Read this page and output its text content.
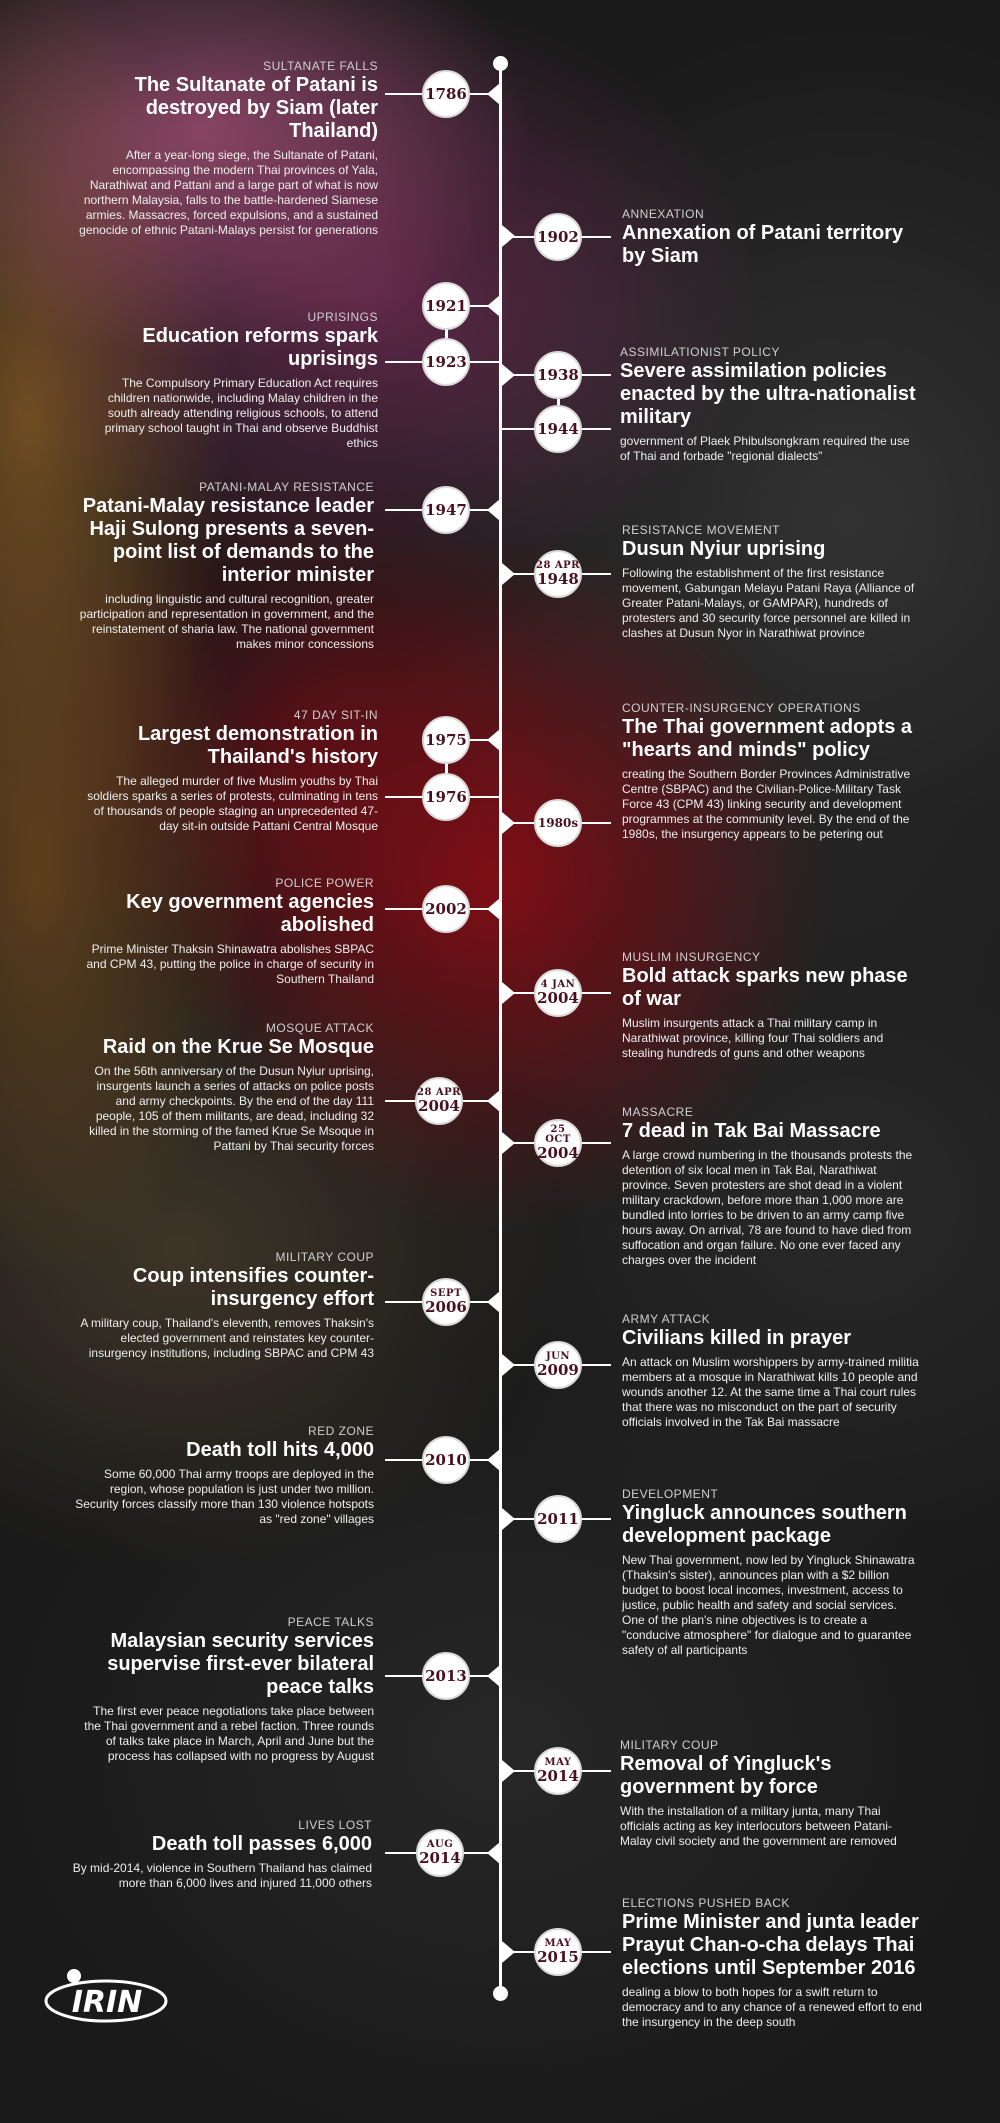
1786
1902
1921
1923
1938
1944
1947
28 APR
1948
1975
1976
1980s
2002
4 JAN
2004
28 APR
2004
25 OCT
2004
SEPT
2006
JUN
2009
2010
2011
2013
MAY
2014
AUG
2014
MAY
2015
SULTANATE FALLS
The Sultanate of Patani is destroyed by Siam (later Thailand)
After a year-long siege, the Sultanate of Patani, encompassing the modern Thai provinces of Yala, Narathiwat and Pattani and a large part of what is now northern Malaysia, falls to the battle-hardened Siamese armies. Massacres, forced expulsions, and a sustained genocide of ethnic Patani-Malays persist for generations
ANNEXATION
Annexation of Patani territory by Siam
UPRISINGS
Education reforms spark uprisings
The Compulsory Primary Education Act requires children nationwide, including Malay children in the south already attending religious schools, to attend primary school taught in Thai and observe Buddhist ethics
ASSIMILATIONIST POLICY
Severe assimilation policies enacted by the ultra-nationalist military
government of Plaek Phibulsongkram required the use of Thai and forbade "regional dialects"
PATANI-MALAY RESISTANCE
Patani-Malay resistance leader Haji Sulong presents a seven-point list of demands to the interior minister
including linguistic and cultural recognition, greater participation and representation in government, and the reinstatement of sharia law. The national government makes minor concessions
RESISTANCE MOVEMENT
Dusun Nyiur uprising
Following the establishment of the first resistance movement, Gabungan Melayu Patani Raya (Alliance of Greater Patani-Malays, or GAMPAR), hundreds of protesters and 30 security force personnel are killed in clashes at Dusun Nyor in Narathiwat province
47 DAY SIT-IN
Largest demonstration in Thailand's history
The alleged murder of five Muslim youths by Thai soldiers sparks a series of protests, culminating in tens of thousands of people staging an unprecedented 47-day sit-in outside Pattani Central Mosque
COUNTER-INSURGENCY OPERATIONS
The Thai government adopts a "hearts and minds" policy
creating the Southern Border Provinces Administrative Centre (SBPAC) and the Civilian-Police-Military Task Force 43 (CPM 43) linking security and development programmes at the community level. By the end of the 1980s, the insurgency appears to be petering out
POLICE POWER
Key government agencies abolished
Prime Minister Thaksin Shinawatra abolishes SBPAC and CPM 43, putting the police in charge of security in Southern Thailand
MUSLIM INSURGENCY
Bold attack sparks new phase of war
Muslim insurgents attack a Thai military camp in Narathiwat province, killing four Thai soldiers and stealing hundreds of guns and other weapons
MOSQUE ATTACK
Raid on the Krue Se Mosque
On the 56th anniversary of the Dusun Nyiur uprising, insurgents launch a series of attacks on police posts and army checkpoints. By the end of the day 111 people, 105 of them militants, are dead, including 32 killed in the storming of the famed Krue Se Msoque in Pattani by Thai security forces
MASSACRE
7 dead in Tak Bai Massacre
A large crowd numbering in the thousands protests the detention of six local men in Tak Bai, Narathiwat province. Seven protesters are shot dead in a violent military crackdown, before more than 1,000 more are bundled into lorries to be driven to an army camp five hours away. On arrival, 78 are found to have died from suffocation and organ failure. No one ever faced any charges over the incident
MILITARY COUP
Coup intensifies counter-insurgency effort
A military coup, Thailand's eleventh, removes Thaksin's elected government and reinstates key counter-insurgency institutions, including SBPAC and CPM 43
ARMY ATTACK
Civilians killed in prayer
An attack on Muslim worshippers by army-trained militia members at a mosque in Narathiwat kills 10 people and wounds another 12. At the same time a Thai court rules that there was no misconduct on the part of security officials involved in the Tak Bai massacre
RED ZONE
Death toll hits 4,000
Some 60,000 Thai army troops are deployed in the region, whose population is just under two million. Security forces classify more than 130 violence hotspots as "red zone" villages
DEVELOPMENT
Yingluck announces southern development package
New Thai government, now led by Yingluck Shinawatra (Thaksin's sister), announces plan with a $2 billion budget to boost local incomes, investment, access to justice, public health and safety and social services. One of the plan's nine objectives is to create a "conducive atmosphere" for dialogue and to guarantee safety of all participants
PEACE TALKS
Malaysian security services supervise first-ever bilateral peace talks
The first ever peace negotiations take place between the Thai government and a rebel faction. Three rounds of talks take place in March, April and June but the process has collapsed with no progress by August
MILITARY COUP
Removal of Yingluck's government by force
With the installation of a military junta, many Thai officials acting as key interlocutors between Patani-Malay civil society and the government are removed
LIVES LOST
Death toll passes 6,000
By mid-2014, violence in Southern Thailand has claimed more than 6,000 lives and injured 11,000 others
ELECTIONS PUSHED BACK
Prime Minister and junta leader Prayut Chan-o-cha delays Thai elections until September 2016
dealing a blow to both hopes for a swift return to democracy and to any chance of a renewed effort to end the insurgency in the deep south
IRIN
